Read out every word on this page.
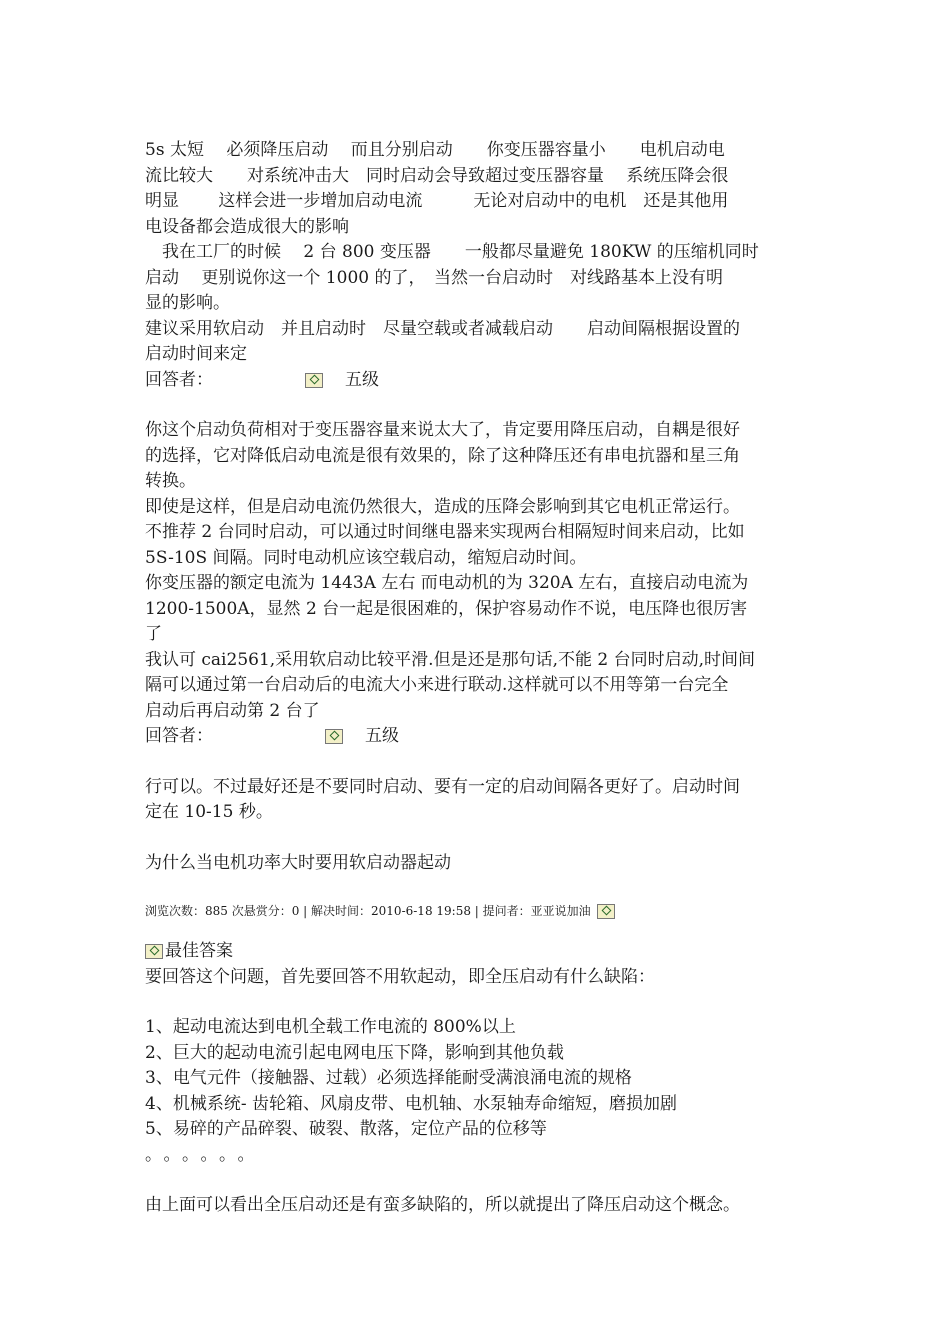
5s 太短　 必须降压启动　 而且分别启动　　你变压器容量小　　电机启动电

流比较大　　对系统冲击大　同时启动会导致超过变压器容量　 系统压降会很

明显　　 这样会进一步增加启动电流　　　无论对启动中的电机　还是其他用

电设备都会造成很大的影响

　我在工厂的时候　 2 台 800 变压器　　一般都尽量避免 180KW 的压缩机同时

启动　 更别说你这一个 1000 的了，　当然一台启动时　对线路基本上没有明

显的影响。

建议采用软启动　并且启动时　尽量空载或者减载启动　　启动间隔根据设置的

启动时间来定

回答者：	五级

你这个启动负荷相对于变压器容量来说太大了，肯定要用降压启动，自耦是很好

的选择，它对降低启动电流是很有效果的，除了这种降压还有串电抗器和星三角

转换。

即使是这样，但是启动电流仍然很大，造成的压降会影响到其它电机正常运行。

不推荐 2 台同时启动，可以通过时间继电器来实现两台相隔短时间来启动，比如

5S-10S 间隔。同时电动机应该空载启动，缩短启动时间。

你变压器的额定电流为 1443A 左右 而电动机的为 320A 左右，直接启动电流为

1200-1500A，显然 2 台一起是很困难的，保护容易动作不说，电压降也很厉害

了

我认可 cai2561,采用软启动比较平滑.但是还是那句话,不能 2 台同时启动,时间间

隔可以通过第一台启动后的电流大小来进行联动.这样就可以不用等第一台完全

启动后再启动第 2 台了

回答者：	五级

行可以。不过最好还是不要同时启动、要有一定的启动间隔各更好了。启动时间

定在 10-15 秒。

为什么当电机功率大时要用软启动器起动

浏览次数：885 次悬赏分：0 | 解决时间：2010-6-18 19:58 | 提问者：亚亚说加油
最佳答案

要回答这个问题，首先要回答不用软起动，即全压启动有什么缺陷：

1、起动电流达到电机全载工作电流的 800%以上

2、巨大的起动电流引起电网电压下降，影响到其他负载

3、电气元件（接触器、过载）必须选择能耐受满浪涌电流的规格

4、机械系统- 齿轮箱、风扇皮带、电机轴、水泵轴寿命缩短，磨损加剧

5、易碎的产品碎裂、破裂、散落，定位产品的位移等

。。。。。。

由上面可以看出全压启动还是有蛮多缺陷的，所以就提出了降压启动这个概念。
